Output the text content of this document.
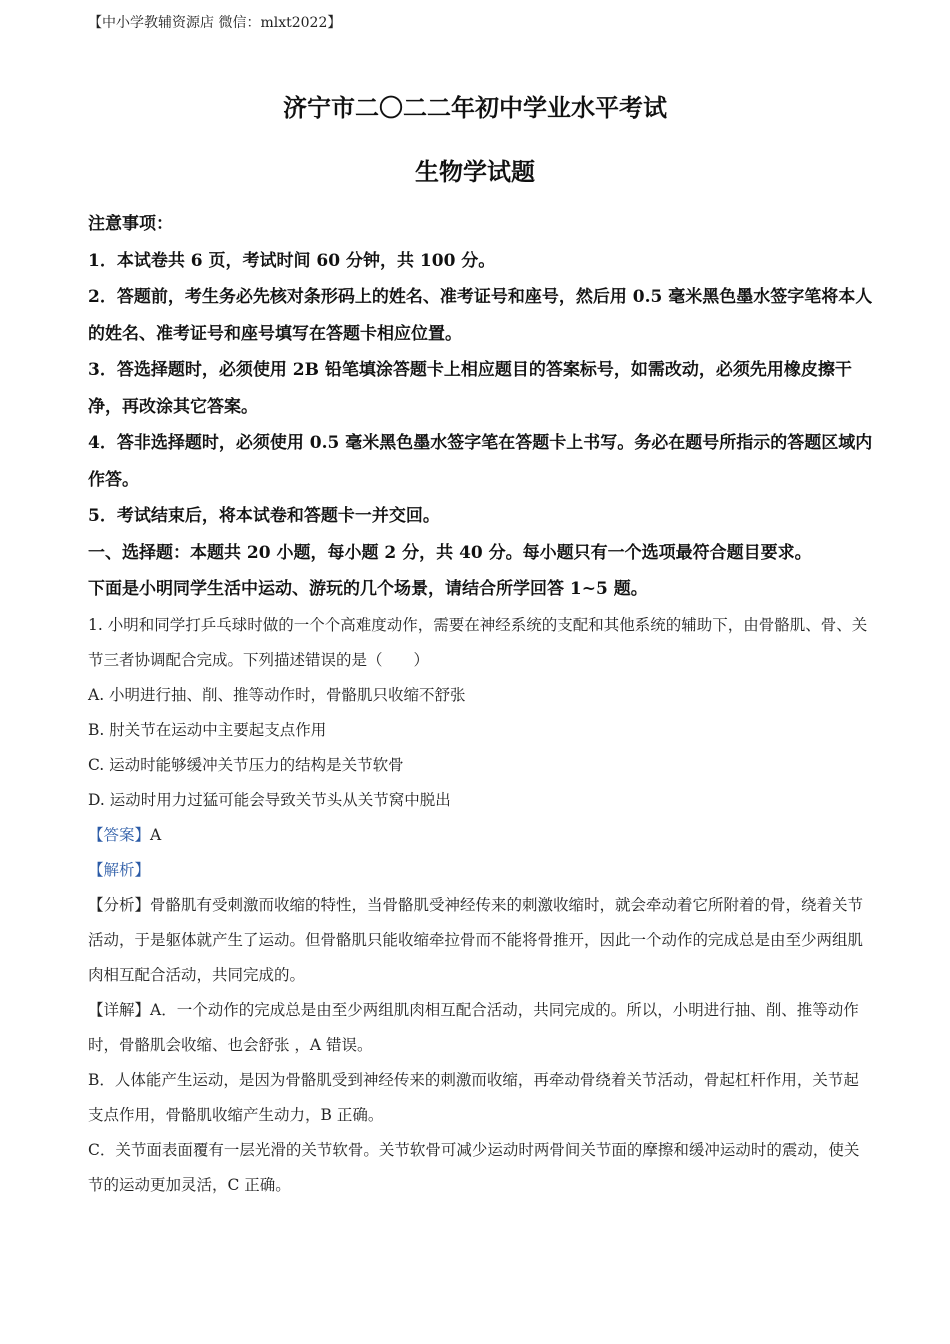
【中小学教辅资源店 微信：mlxt2022】
济宁市二〇二二年初中学业水平考试
生物学试题

注意事项：

1．本试卷共 6 页，考试时间 60 分钟，共 100 分。

2．答题前，考生务必先核对条形码上的姓名、准考证号和座号，然后用 0.5 毫米黑色墨水签字笔将本人的姓名、准考证号和座号填写在答题卡相应位置。

3．答选择题时，必须使用 2B 铅笔填涂答题卡上相应题目的答案标号，如需改动，必须先用橡皮擦干净，再改涂其它答案。

4．答非选择题时，必须使用 0.5 毫米黑色墨水签字笔在答题卡上书写。务必在题号所指示的答题区域内作答。

5．考试结束后，将本试卷和答题卡一并交回。

一、选择题：本题共 20 小题，每小题 2 分，共 40 分。每小题只有一个选项最符合题目要求。

下面是小明同学生活中运动、游玩的几个场景，请结合所学回答 1~5 题。

1. 小明和同学打乒乓球时做的一个个高难度动作，需要在神经系统的支配和其他系统的辅助下，由骨骼肌、骨、关节三者协调配合完成。下列描述错误的是（　　）

A. 小明进行抽、削、推等动作时，骨骼肌只收缩不舒张

B. 肘关节在运动中主要起支点作用

C. 运动时能够缓冲关节压力的结构是关节软骨

D. 运动时用力过猛可能会导致关节头从关节窝中脱出

【答案】A

【解析】

【分析】骨骼肌有受刺激而收缩的特性，当骨骼肌受神经传来的刺激收缩时，就会牵动着它所附着的骨，绕着关节活动，于是躯体就产生了运动。但骨骼肌只能收缩牵拉骨而不能将骨推开，因此一个动作的完成总是由至少两组肌肉相互配合活动，共同完成的。

【详解】A．一个动作的完成总是由至少两组肌肉相互配合活动，共同完成的。所以，小明进行抽、削、推等动作时，骨骼肌会收缩、也会舒张 ，A 错误。

B．人体能产生运动，是因为骨骼肌受到神经传来的刺激而收缩，再牵动骨绕着关节活动，骨起杠杆作用，关节起支点作用，骨骼肌收缩产生动力，B 正确。

C．关节面表面覆有一层光滑的关节软骨。关节软骨可减少运动时两骨间关节面的摩擦和缓冲运动时的震动，使关节的运动更加灵活，C 正确。
